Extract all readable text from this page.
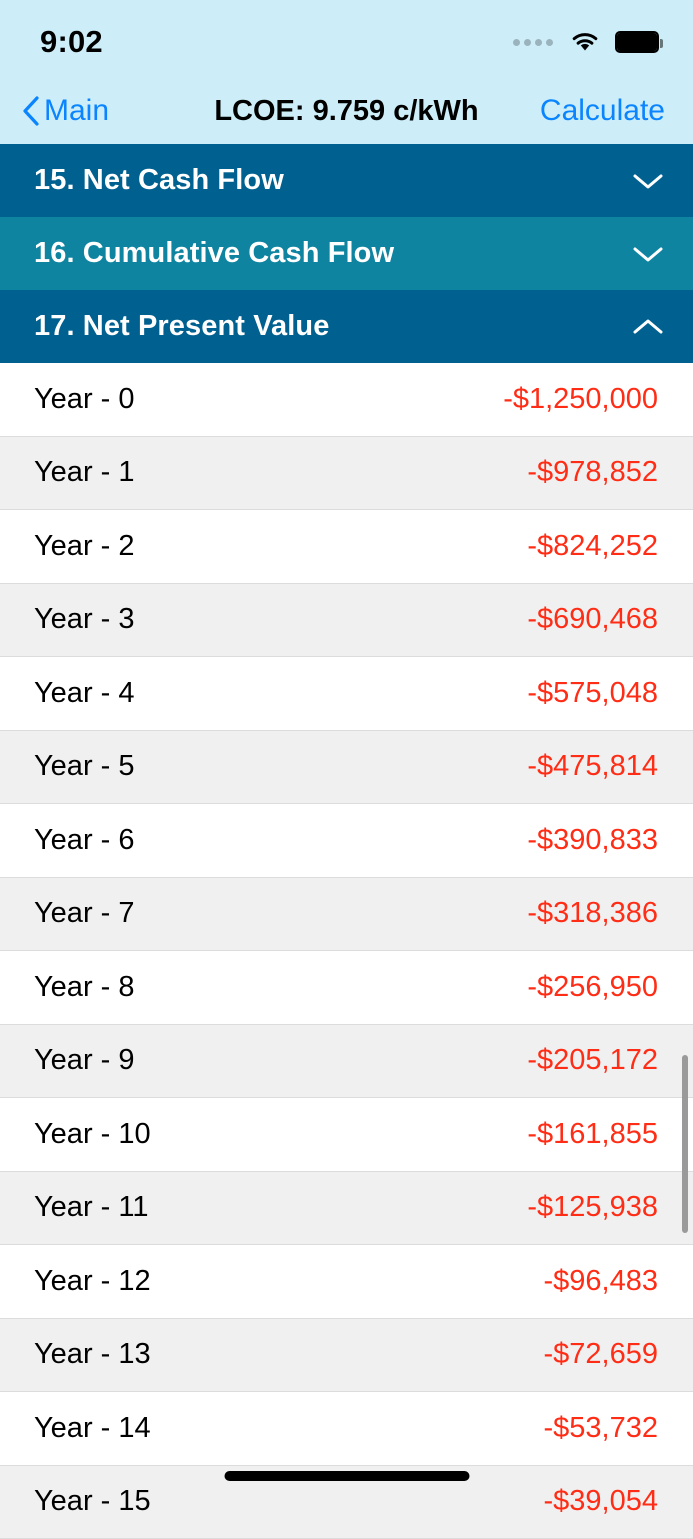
9:02
Main	LCOE: 9.759 c/kWh	Calculate
15. Net Cash Flow
16. Cumulative Cash Flow
17. Net Present Value
Year - 0	-$1,250,000
Year - 1	-$978,852
Year - 2	-$824,252
Year - 3	-$690,468
Year - 4	-$575,048
Year - 5	-$475,814
Year - 6	-$390,833
Year - 7	-$318,386
Year - 8	-$256,950
Year - 9	-$205,172
Year - 10	-$161,855
Year - 11	-$125,938
Year - 12	-$96,483
Year - 13	-$72,659
Year - 14	-$53,732
Year - 15	-$39,054
